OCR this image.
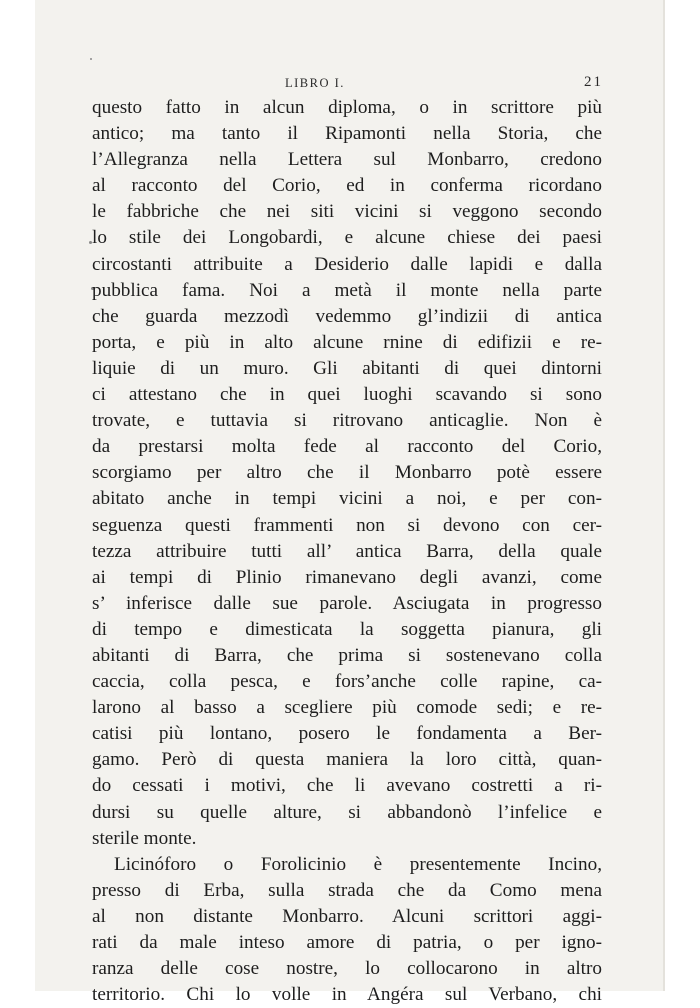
LIBRO I.	21
questo fatto in alcun diploma, o in scrittore più
antico; ma tanto il Ripamonti nella Storia, che
l’Allegranza nella Lettera sul Monbarro, credono
al racconto del Corio, ed in conferma ricordano
le fabbriche che nei siti vicini si veggono secondo
lo stile dei Longobardi, e alcune chiese dei paesi
circostanti attribuite a Desiderio dalle lapidi e dalla
pubblica fama. Noi a metà il monte nella parte
che guarda mezzodì vedemmo gl’indizii di antica
porta, e più in alto alcune rnine di edifizii e re-
liquie di un muro. Gli abitanti di quei dintorni
ci attestano che in quei luoghi scavando si sono
trovate, e tuttavia si ritrovano anticaglie. Non è
da prestarsi molta fede al racconto del Corio,
scorgiamo per altro che il Monbarro potè essere
abitato anche in tempi vicini a noi, e per con-
seguenza questi frammenti non si devono con cer-
tezza attribuire tutti all’ antica Barra, della quale
ai tempi di Plinio rimanevano degli avanzi, come
s’ inferisce dalle sue parole. Asciugata in progresso
di tempo e dimesticata la soggetta pianura, gli
abitanti di Barra, che prima si sostenevano colla
caccia, colla pesca, e fors’anche colle rapine, ca-
larono al basso a scegliere più comode sedi; e re-
catisi più lontano, posero le fondamenta a Ber-
gamo. Però di questa maniera la loro città, quan-
do cessati i motivi, che li avevano costretti a ri-
dursi su quelle alture, si abbandonò l’infelice e
sterile monte.
Licinóforo o Forolicinio è presentemente Incino,
presso di Erba, sulla strada che da Como mena
al non distante Monbarro. Alcuni scrittori aggi-
rati da male inteso amore di patria, o per igno-
ranza delle cose nostre, lo collocarono in altro
territorio. Chi lo volle in Angéra sul Verbano, chi
